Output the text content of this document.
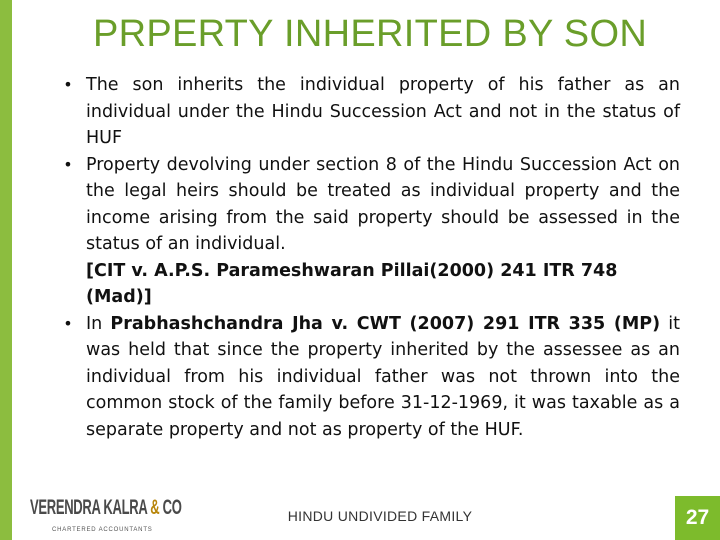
PRPERTY INHERITED BY SON
• The son inherits the individual property of his father as an individual under the Hindu Succession Act and not in the status of HUF
• Property devolving under section 8 of the Hindu Succession Act on the legal heirs should be treated as individual property and the income arising from the said property should be assessed in the status of an individual.
[CIT v. A.P.S. Parameshwaran Pillai(2000) 241 ITR 748 (Mad)]
• In Prabhashchandra Jha v. CWT (2007) 291 ITR 335 (MP) it was held that since the property inherited by the assessee as an individual from his individual father was not thrown into the common stock of the family before 31-12-1969, it was taxable as a separate property and not as property of the HUF.
VERENDRA KALRA & CO
CHARTERED ACCOUNTANTS
HINDU UNDIVIDED FAMILY	27
